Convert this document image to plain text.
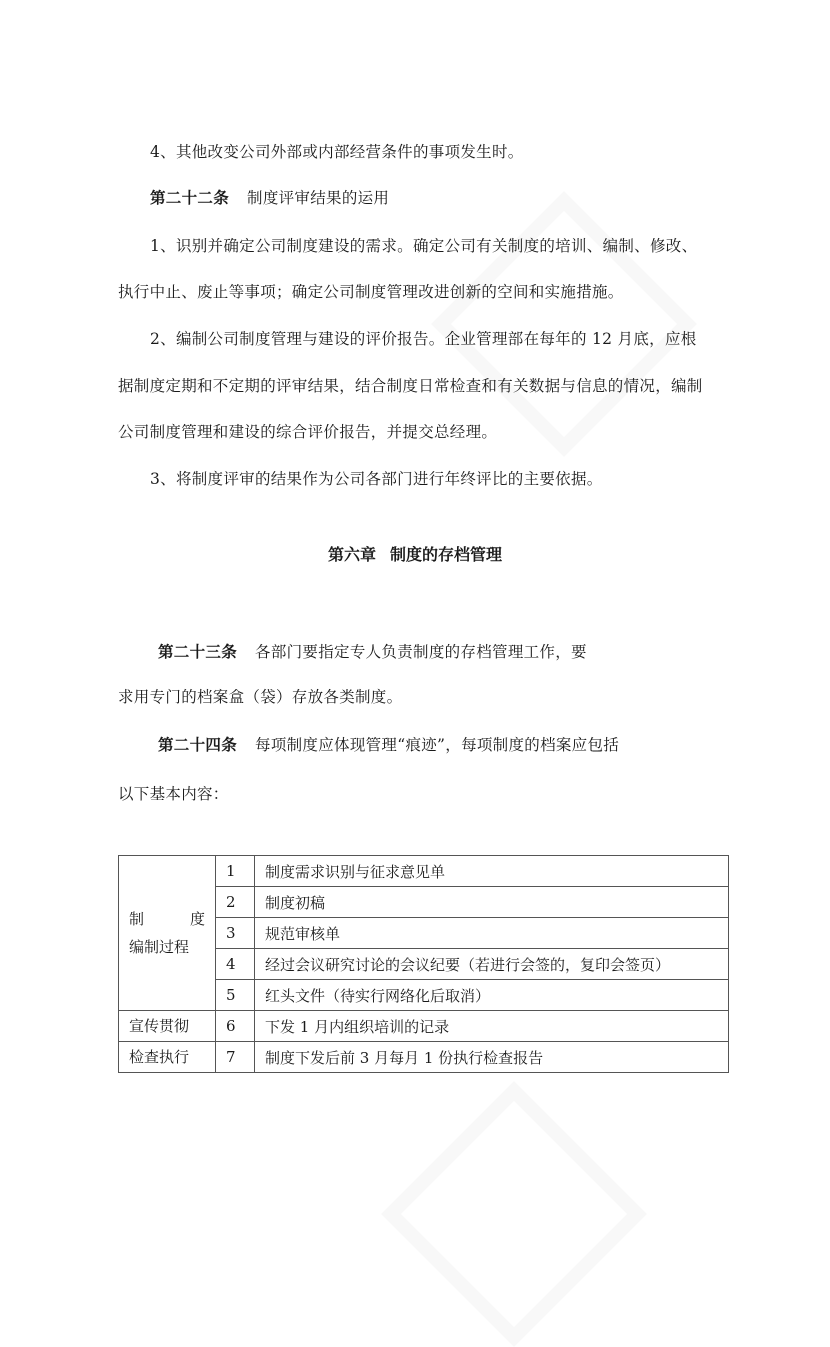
4、其他改变公司外部或内部经营条件的事项发生时。
第二十二条 制度评审结果的运用
1、识别并确定公司制度建设的需求。确定公司有关制度的培训、编制、修改、
执行中止、废止等事项；确定公司制度管理改进创新的空间和实施措施。
2、编制公司制度管理与建设的评价报告。企业管理部在每年的 12 月底，应根
据制度定期和不定期的评审结果，结合制度日常检查和有关数据与信息的情况，编制
公司制度管理和建设的综合评价报告，并提交总经理。
3、将制度评审的结果作为公司各部门进行年终评比的主要依据。
第六章 制度的存档管理
第二十三条 各部门要指定专人负责制度的存档管理工作，要
求用专门的档案盒（袋）存放各类制度。
第二十四条 每项制度应体现管理“痕迹”，每项制度的档案应包括
以下基本内容：
制 度
编制过程	1	制度需求识别与征求意见单
	2	制度初稿
	3	规范审核单
	4	经过会议研究讨论的会议纪要（若进行会签的，复印会签页）
	5	红头文件（待实行网络化后取消）
宣传贯彻	6	下发 1 月内组织培训的记录
检查执行	7	制度下发后前 3 月每月 1 份执行检查报告
